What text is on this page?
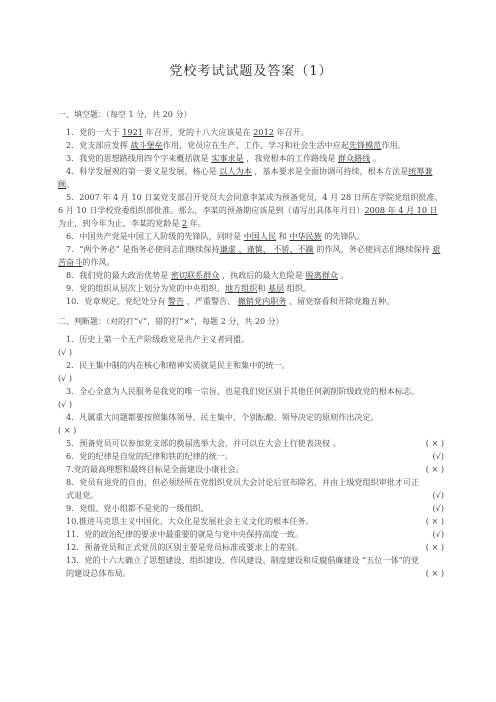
党校考试试题及答案（1）
一、填空题：（每空 1 分，共 20 分）

1．党的一大于 1921 年召开，党的十八大应该是在 2012 年召开。

2．党支部应发挥 战斗堡垒作用，党员应在生产、工作、学习和社会生活中应起先锋模范作用。

3．我党的思想路线用四个字来概括就是 实事求是 ，我党根本的工作路线是 群众路线 。

4．科学发展观的第一要义是发展，核心是 以人为本 ，基本要求是全面协调可持续，根本方法是统筹兼顾。

5．2007 年 4 月 10 日某党支部召开党员大会同意李某成为预备党员，4 月 28 日所在学院党组织批准，6 月 10 日学校党委组织部批准。那么，李某的预备期应该是到（请写出具体年月日）2008 年 4 月 10 日为止，到今年为止，李某的党龄是 2 年。

6．中国共产党是中国工人阶级的先锋队，同时是 中国人民 和 中华民族 的先锋队。

7．“两个务必” 是指务必使同志们继续保持谦虚 、谨慎、 不骄、不躁 的作风，务必使同志们继续保持 艰苦奋斗的作风。

8．我们党的最大政治优势是 密切联系群众 ，执政后的最大危险是 脱离群众 。

9．党的组织从层次上划分为党的中央组织、地方组织和 基层 组织。

10．党章规定，党纪处分有 警告 、严重警告、 撤销党内职务 、留党察看和开除党籍五种。

二、判断题：（对的打“√”，错的打“×”，每题 2 分，共 20 分）

1．历史上第一个无产阶级政党是共产主义者同盟。

(√ )

2．民主集中制的内在核心和精神实质就是民主和集中的统一。

(√ )

3．全心全意为人民服务是我党的唯一宗旨，也是我们党区别于其他任何剥削阶级政党的根本标志。

(√ )

4．凡属重大问题都要按照集体领导、民主集中、个别酝酿、领导决定的原则作出决定。

( × )

5．预备党员可以参加党支部的换届选举大会，并可以在大会上行使表决权 。	( × )
6．党的纪律是自觉的纪律和铁的纪律的统一。	(√)
7.党的最高理想和最终目标是全面建设小康社会。	( × )
8．党员有退党的自由，但必须经所在党组织党员大会讨论后宣布除名，并由上级党组织审批才可正式退党。	(√)
9．党组、党小组都不是党的一级组织。	(√)
10.推进马克思主义中国化、大众化是发展社会主义文化的根本任务。	( × )
11．党的政治纪律的要求中最重要的就是与党中央保持高度一致。	(√)
12．预备党员和正式党员的区别主要是党员标准或要求上的差别。	( × )
13．党的十六大确立了思想建设、组织建设、作风建设、制度建设和反腐倡廉建设 “五位一体”的党的建设总体布局。	( × )
